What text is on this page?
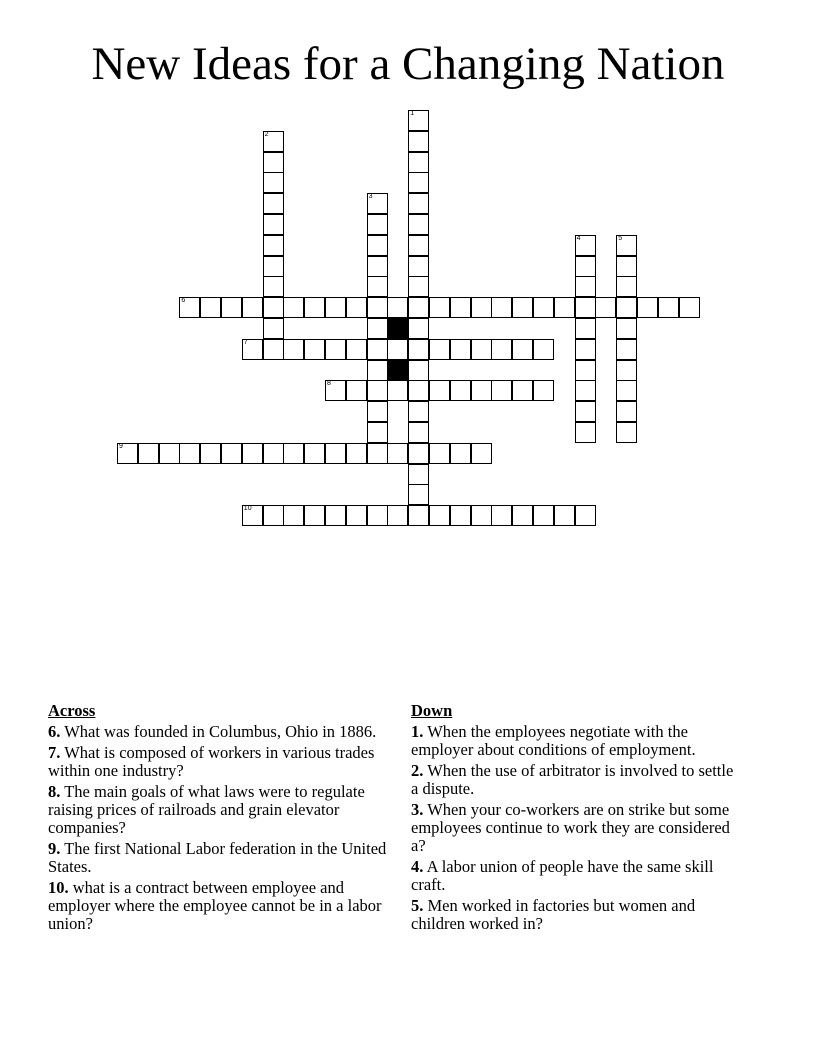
New Ideas for a Changing Nation
1
2
3
4	5
6
7
8
9
10
Across
6. What was founded in Columbus, Ohio in 1886.
7. What is composed of workers in various trades within one industry?
8. The main goals of what laws were to regulate raising prices of railroads and grain elevator companies?
9. The first National Labor federation in the United States.
10. what is a contract between employee and employer where the employee cannot be in a labor union?
Down
1. When the employees negotiate with the employer about conditions of employment.
2. When the use of arbitrator is involved to settle a dispute.
3. When your co-workers are on strike but some employees continue to work they are considered a?
4. A labor union of people have the same skill craft.
5. Men worked in factories but women and children worked in?
